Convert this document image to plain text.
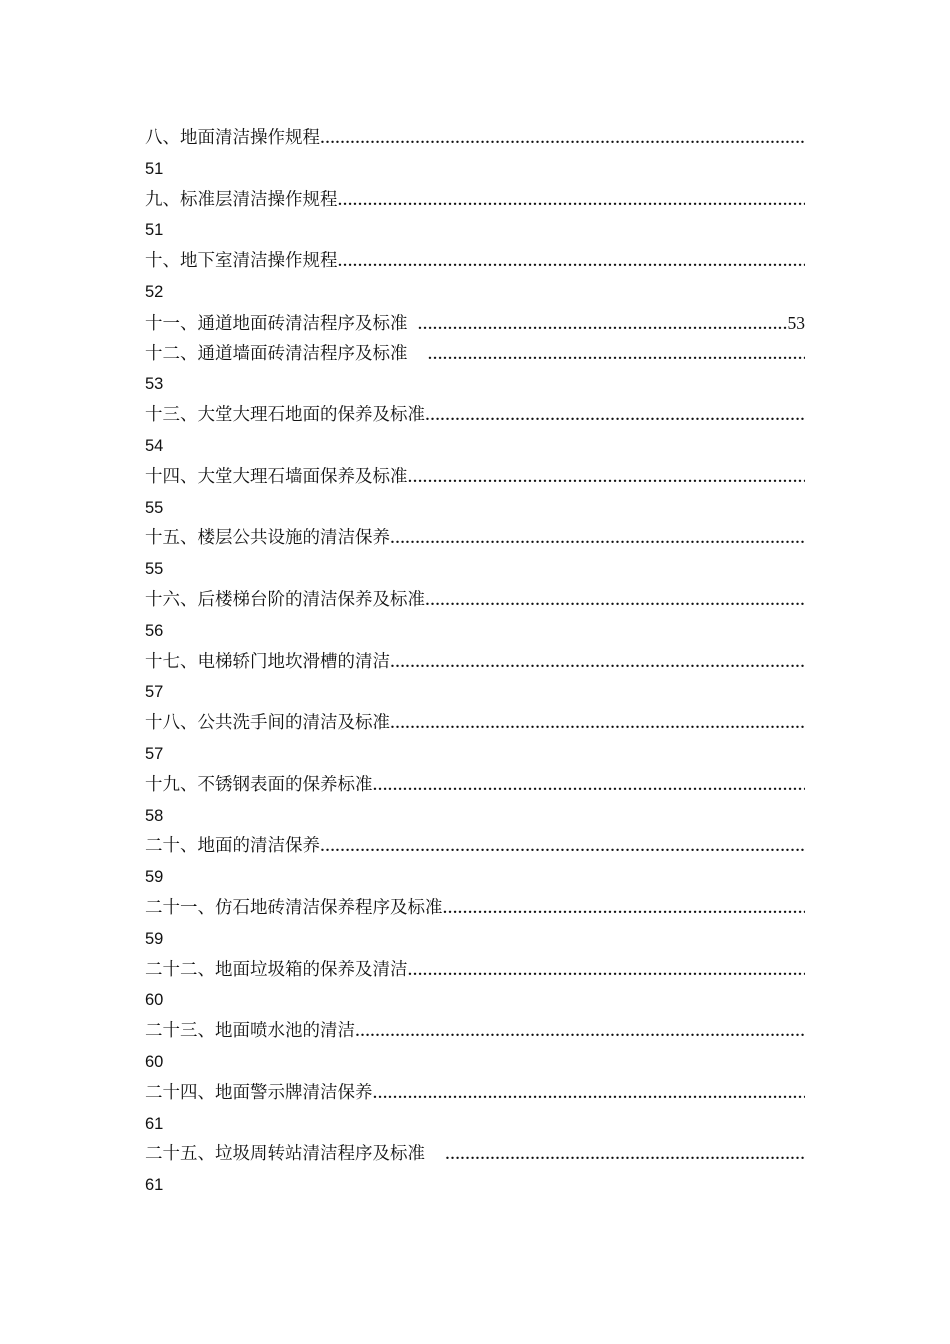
八、地面清洁操作规程
…………………………………………………………………………………………………………………………………………………………………………………………
51
九、标准层清洁操作规程
…………………………………………………………………………………………………………………………………………………………………………………………
51
十、地下室清洁操作规程
…………………………………………………………………………………………………………………………………………………………………………………………
52
十一、通道地面砖清洁程序及标准
…………………………………………………………………………………………………………………………………………………………………………………………	53
十二、通道墙面砖清洁程序及标准
…………………………………………………………………………………………………………………………………………………………………………………………
53
十三、大堂大理石地面的保养及标准
…………………………………………………………………………………………………………………………………………………………………………………………
54
十四、大堂大理石墙面保养及标准
…………………………………………………………………………………………………………………………………………………………………………………………
55
十五、楼层公共设施的清洁保养
…………………………………………………………………………………………………………………………………………………………………………………………
55
十六、后楼梯台阶的清洁保养及标准
…………………………………………………………………………………………………………………………………………………………………………………………
56
十七、电梯轿门地坎滑槽的清洁
…………………………………………………………………………………………………………………………………………………………………………………………
57
十八、公共洗手间的清洁及标准
…………………………………………………………………………………………………………………………………………………………………………………………
57
十九、不锈钢表面的保养标准
…………………………………………………………………………………………………………………………………………………………………………………………
58
二十、地面的清洁保养
…………………………………………………………………………………………………………………………………………………………………………………………
59
二十一、仿石地砖清洁保养程序及标准
…………………………………………………………………………………………………………………………………………………………………………………………
59
二十二、地面垃圾箱的保养及清洁
…………………………………………………………………………………………………………………………………………………………………………………………
60
二十三、地面喷水池的清洁
…………………………………………………………………………………………………………………………………………………………………………………………
60
二十四、地面警示牌清洁保养
…………………………………………………………………………………………………………………………………………………………………………………………
61
二十五、垃圾周转站清洁程序及标准
…………………………………………………………………………………………………………………………………………………………………………………………
61
